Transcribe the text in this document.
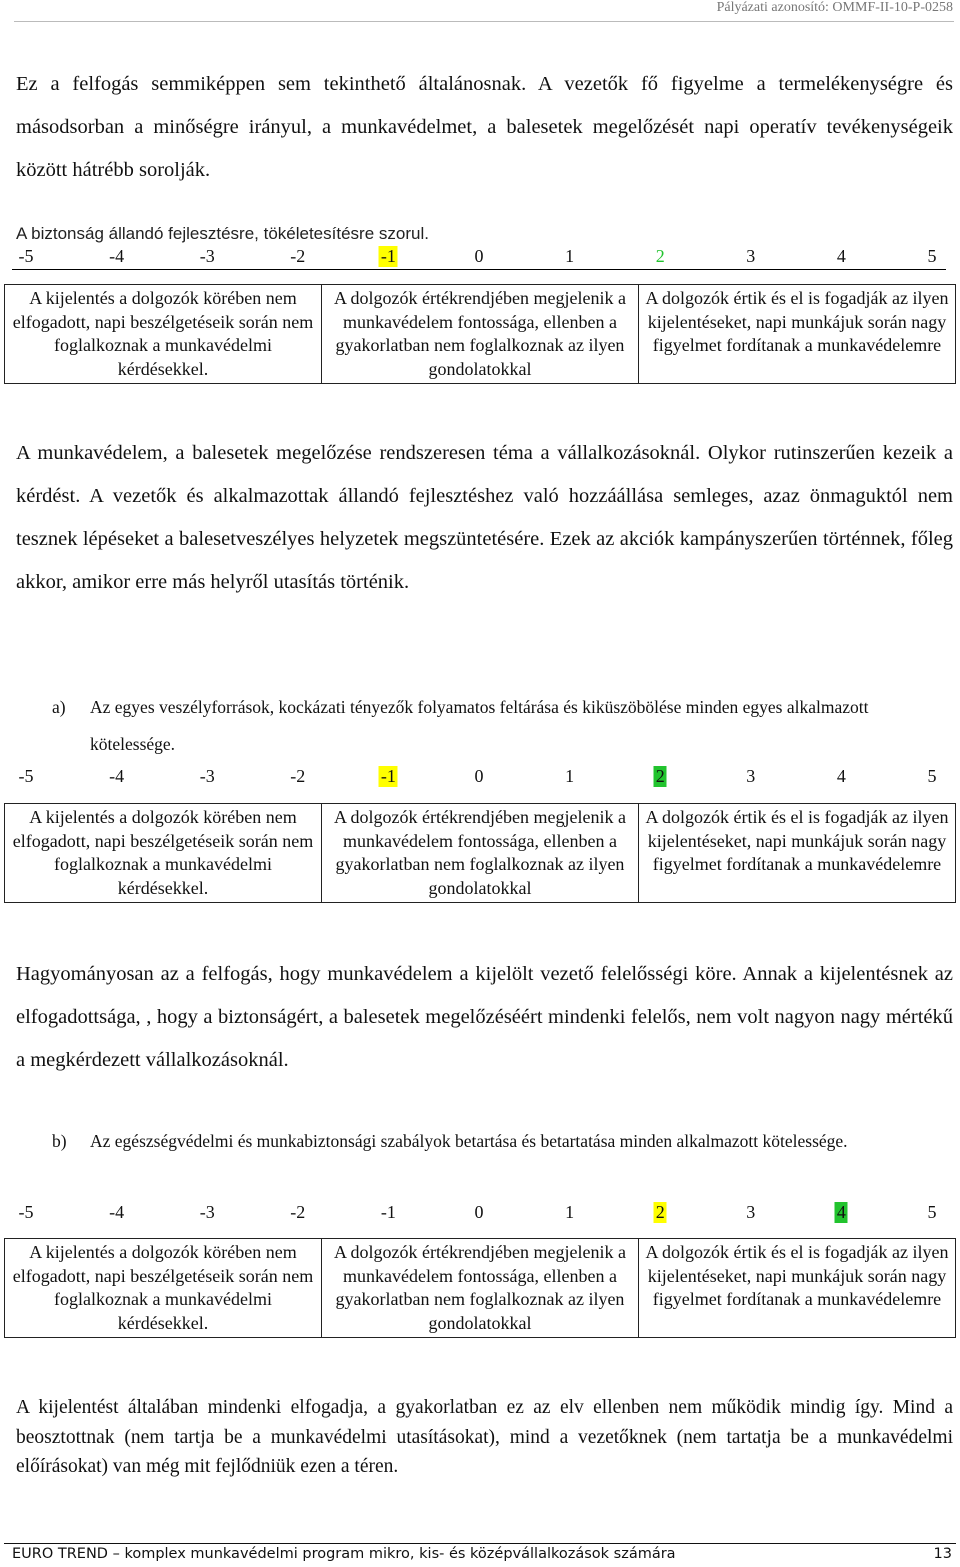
Pályázati azonosító: OMMF-II-10-P-0258

Ez a felfogás semmiképpen sem tekinthető általánosnak. A vezetők fő figyelme a termelékenységre és másodsorban a minőségre irányul, a munkavédelmet, a balesetek megelőzését napi operatív tevékenységeik között hátrébb sorolják.

A biztonság állandó fejlesztésre, tökéletesítésre szorul.
-5	-4	-3	-2	-1	0	1	2	3	4	5
A kijelentés a dolgozók körében nem elfogadott, napi beszélgetéseik során nem foglalkoznak a munkavédelmi kérdésekkel.	A dolgozók értékrendjében megjelenik a munkavédelem fontossága, ellenben a gyakorlatban nem foglalkoznak az ilyen gondolatokkal	A dolgozók értik és el is fogadják az ilyen kijelentéseket, napi munkájuk során nagy figyelmet fordítanak a munkavédelemre

A munkavédelem, a balesetek megelőzése rendszeresen téma a vállalkozásoknál. Olykor rutinszerűen kezeik a kérdést. A vezetők és alkalmazottak állandó fejlesztéshez való hozzáállása semleges, azaz önmaguktól nem tesznek lépéseket a balesetveszélyes helyzetek megszüntetésére. Ezek az akciók kampányszerűen történnek, főleg akkor, amikor erre más helyről utasítás történik.

a) Az egyes veszélyforrások, kockázati tényezők folyamatos feltárása és kiküszöbölése minden egyes alkalmazott kötelessége.
-5	-4	-3	-2	-1	0	1	2	3	4	5
A kijelentés a dolgozók körében nem elfogadott, napi beszélgetéseik során nem foglalkoznak a munkavédelmi kérdésekkel.	A dolgozók értékrendjében megjelenik a munkavédelem fontossága, ellenben a gyakorlatban nem foglalkoznak az ilyen gondolatokkal	A dolgozók értik és el is fogadják az ilyen kijelentéseket, napi munkájuk során nagy figyelmet fordítanak a munkavédelemre

Hagyományosan az a felfogás, hogy munkavédelem a kijelölt vezető felelősségi köre. Annak a kijelentésnek az elfogadottsága, , hogy a biztonságért, a balesetek megelőzéséért mindenki felelős, nem volt nagyon nagy mértékű a megkérdezett vállalkozásoknál.

b) Az egészségvédelmi és munkabiztonsági szabályok betartása és betartatása minden alkalmazott kötelessége.
-5	-4	-3	-2	-1	0	1	2	3	4	5
A kijelentés a dolgozók körében nem elfogadott, napi beszélgetéseik során nem foglalkoznak a munkavédelmi kérdésekkel.	A dolgozók értékrendjében megjelenik a munkavédelem fontossága, ellenben a gyakorlatban nem foglalkoznak az ilyen gondolatokkal	A dolgozók értik és el is fogadják az ilyen kijelentéseket, napi munkájuk során nagy figyelmet fordítanak a munkavédelemre

A kijelentést általában mindenki elfogadja, a gyakorlatban ez az elv ellenben nem működik mindig így. Mind a beosztottnak (nem tartja be a munkavédelmi utasításokat), mind a vezetőknek (nem tartatja be a munkavédelmi előírásokat) van még mit fejlődniük ezen a téren.

EURO TREND – komplex munkavédelmi program mikro, kis- és középvállalkozások számára	13
